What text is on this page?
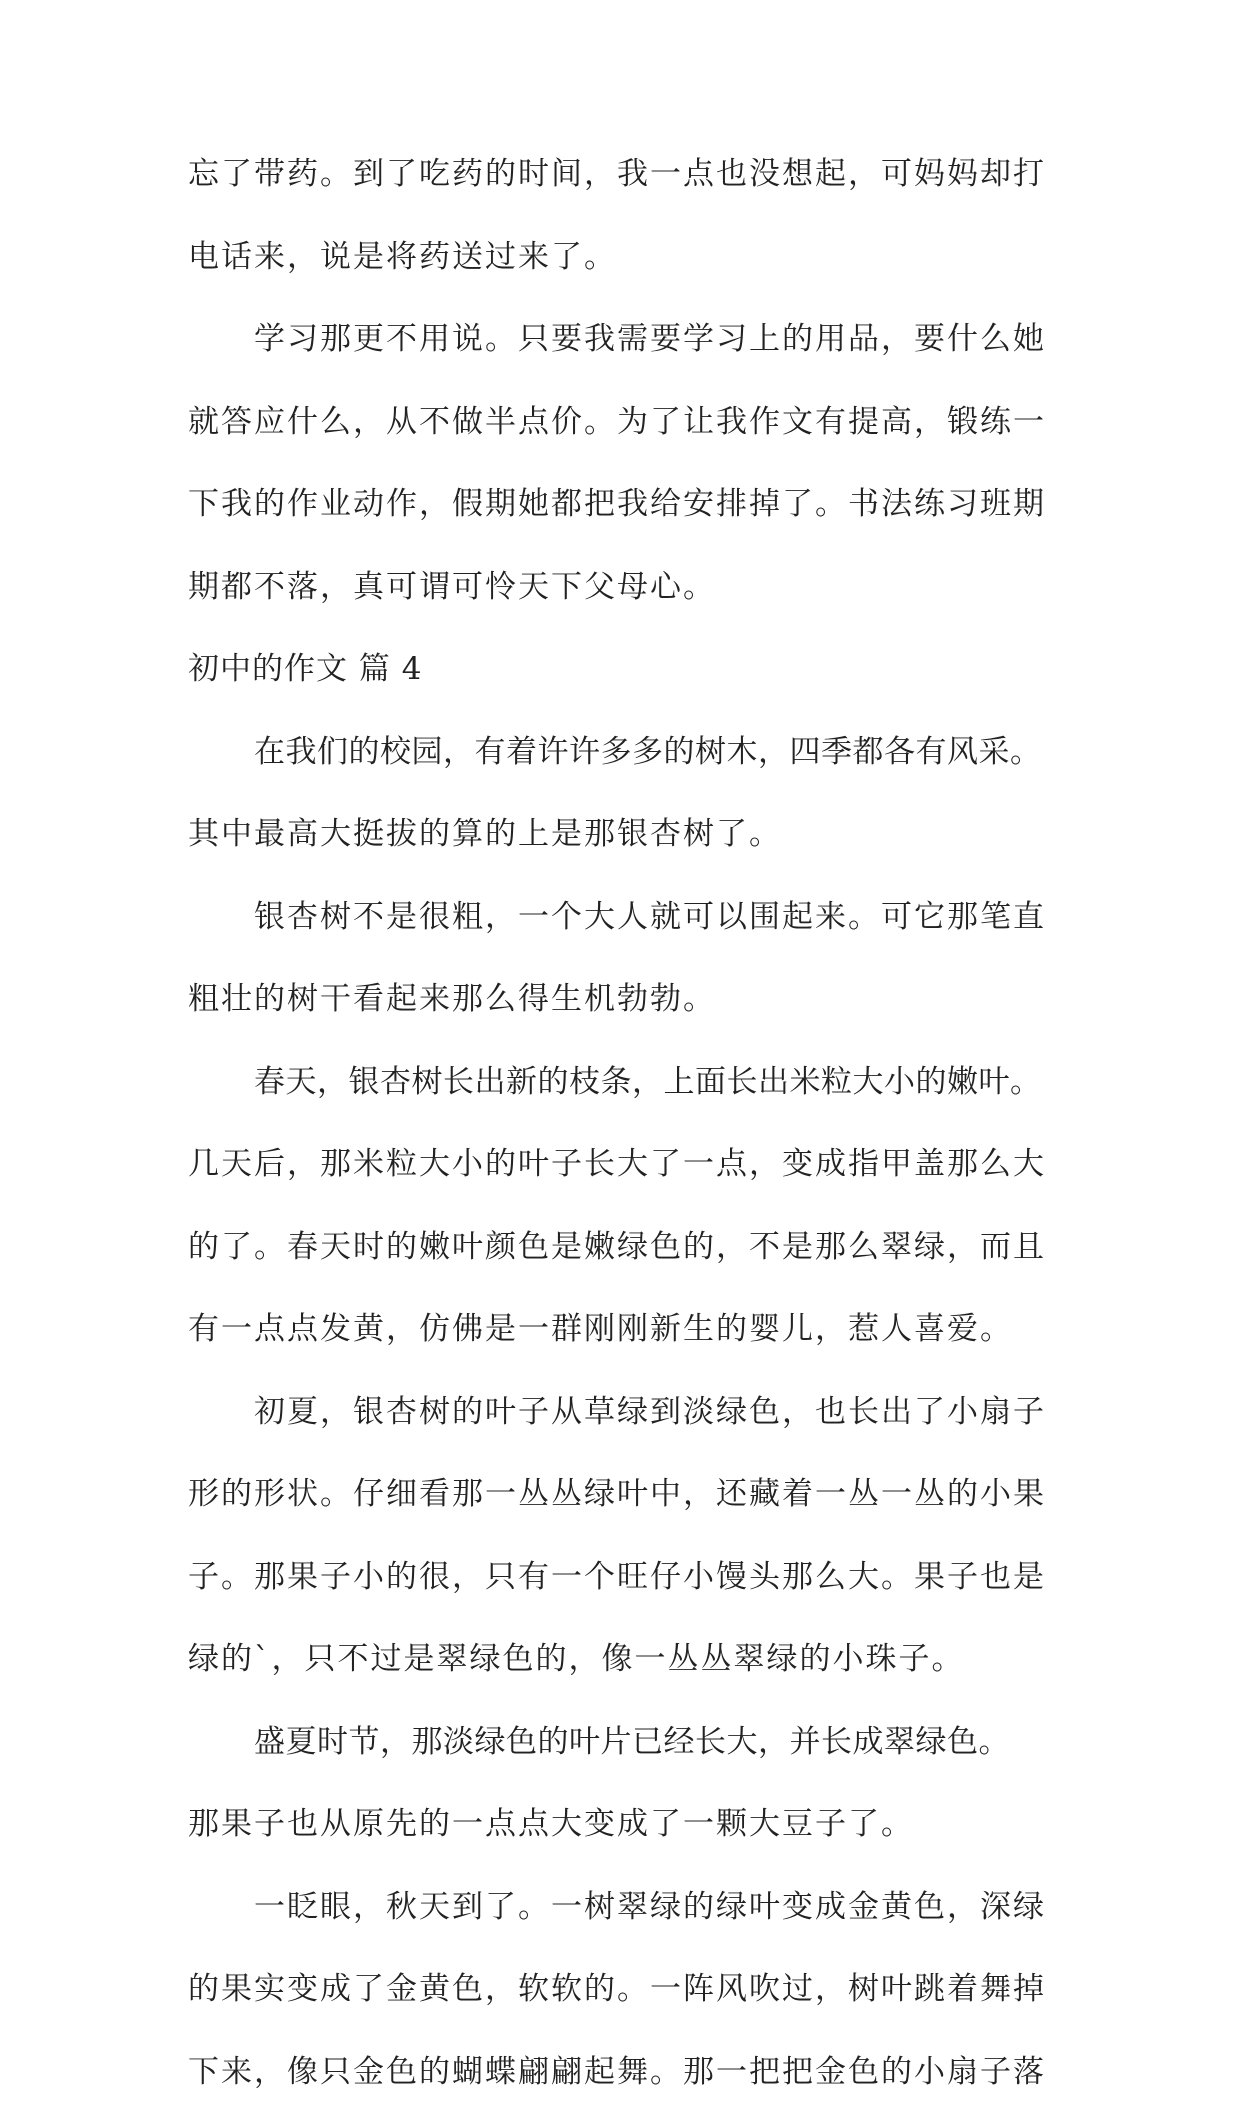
忘了带药。到了吃药的时间，我一点也没想起，可妈妈却打
电话来，说是将药送过来了。
学习那更不用说。只要我需要学习上的用品，要什么她
就答应什么，从不做半点价。为了让我作文有提高，锻练一
下我的作业动作，假期她都把我给安排掉了。书法练习班期
期都不落，真可谓可怜天下父母心。
初中的作文 篇 4
在我们的校园，有着许许多多的树木，四季都各有风采。
其中最高大挺拔的算的上是那银杏树了。
银杏树不是很粗，一个大人就可以围起来。可它那笔直
粗壮的树干看起来那么得生机勃勃。
春天，银杏树长出新的枝条，上面长出米粒大小的嫩叶。
几天后，那米粒大小的叶子长大了一点，变成指甲盖那么大
的了。春天时的嫩叶颜色是嫩绿色的，不是那么翠绿，而且
有一点点发黄，仿佛是一群刚刚新生的婴儿，惹人喜爱。
初夏，银杏树的叶子从草绿到淡绿色，也长出了小扇子
形的形状。仔细看那一丛丛绿叶中，还藏着一丛一丛的小果
子。那果子小的很，只有一个旺仔小馒头那么大。果子也是
绿的`，只不过是翠绿色的，像一丛丛翠绿的小珠子。
盛夏时节，那淡绿色的叶片已经长大，并长成翠绿色。
那果子也从原先的一点点大变成了一颗大豆子了。
一眨眼，秋天到了。一树翠绿的绿叶变成金黄色，深绿
的果实变成了金黄色，软软的。一阵风吹过，树叶跳着舞掉
下来，像只金色的蝴蝶翩翩起舞。那一把把金色的小扇子落
